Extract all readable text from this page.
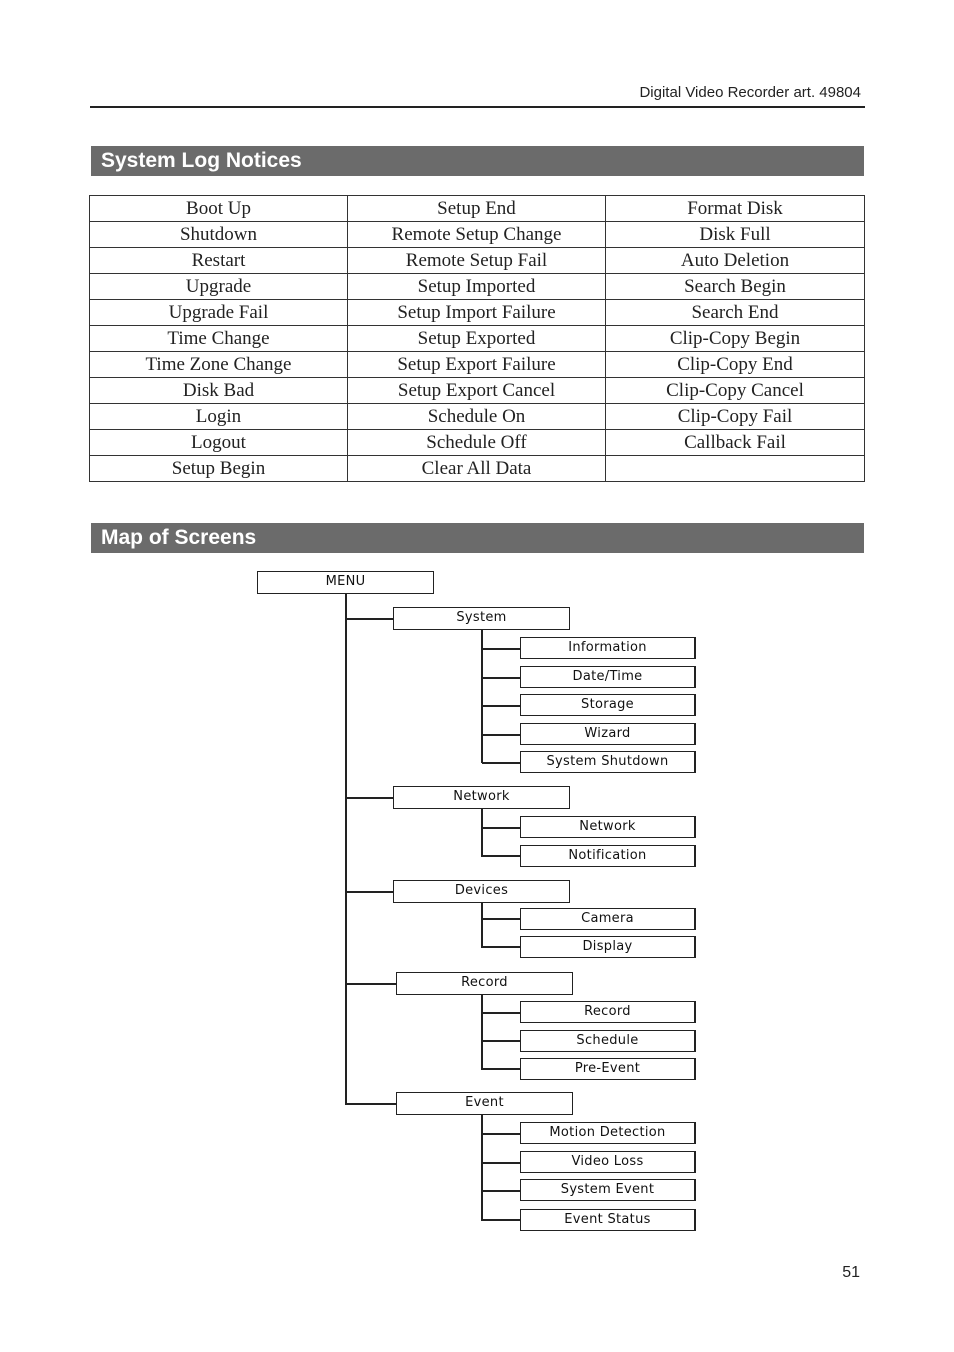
Digital Video Recorder art. 49804
System Log Notices
Boot Up	Setup End	Format Disk
Shutdown	Remote Setup Change	Disk Full
Restart	Remote Setup Fail	Auto Deletion
Upgrade	Setup Imported	Search Begin
Upgrade Fail	Setup Import Failure	Search End
Time Change	Setup Exported	Clip-Copy Begin
Time Zone Change	Setup Export Failure	Clip-Copy End
Disk Bad	Setup Export Cancel	Clip-Copy Cancel
Login	Schedule On	Clip-Copy Fail
Logout	Schedule Off	Callback Fail
Setup Begin	Clear All Data	
Map of Screens
MENU
System
Information
Date/Time
Storage
Wizard
System Shutdown
Network
Network
Notification
Devices
Camera
Display
Record
Record
Schedule
Pre-Event
Event
Motion Detection
Video Loss
System Event
Event Status
51
